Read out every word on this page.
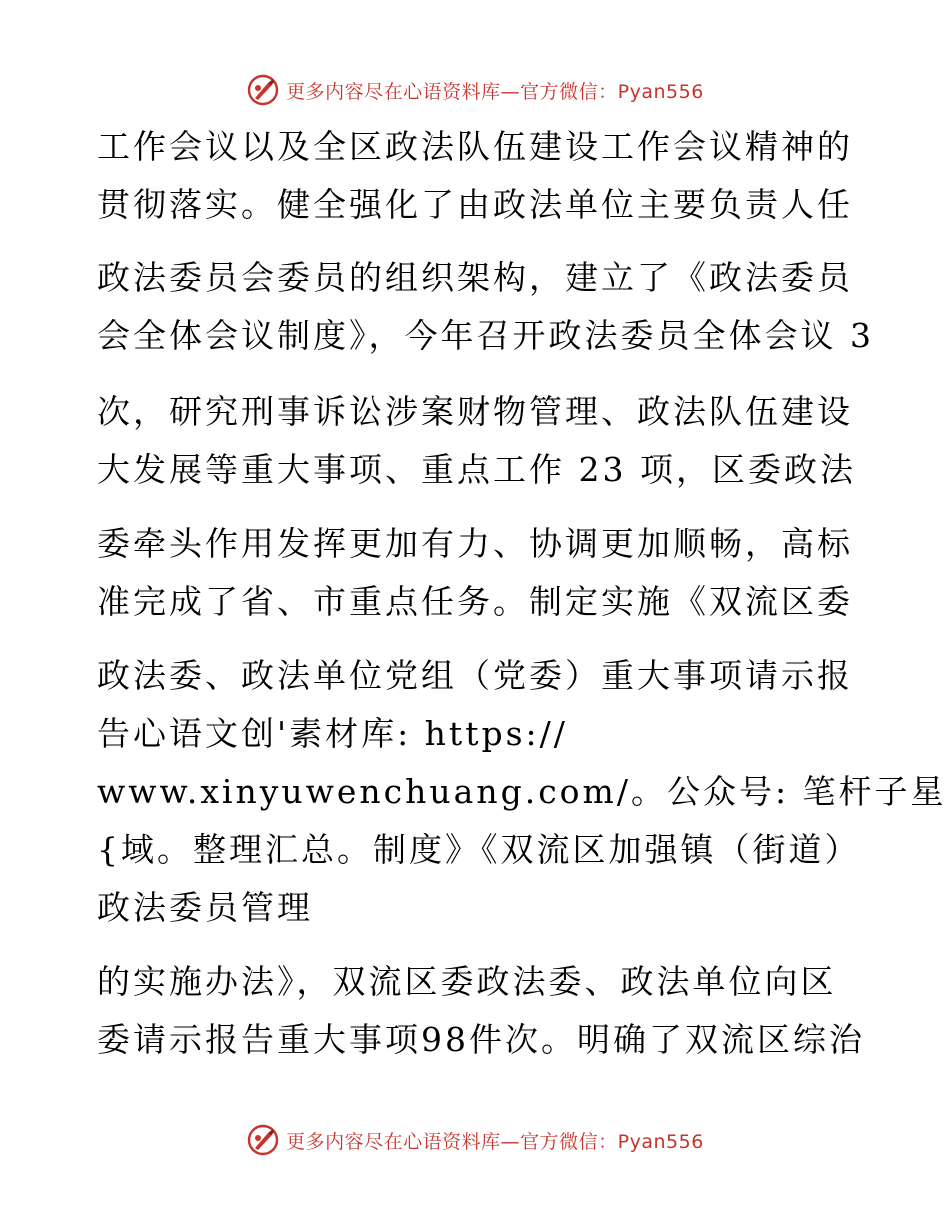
更多内容尽在心语资料库—官方微信：Pyan556
工作会议以及全区政法队伍建设工作会议精神的
贯彻落实。健全强化了由政法单位主要负责人任
政法委员会委员的组织架构，建立了《政法委员
会全体会议制度》，今年召开政法委员全体会议 3
次，研究刑事诉讼涉案财物管理、政法队伍建设
大发展等重大事项、重点工作 23 项，区委政法
委牵头作用发挥更加有力、协调更加顺畅，高标
准完成了省、市重点任务。制定实施《双流区委
政法委、政法单位党组（党委）重大事项请示报
告心语文创'素材库: https://
www.xinyuwenchuang.com/。公众号: 笔杆子星
{域。整理汇总。制度》《双流区加强镇（街道）
政法委员管理
的实施办法》，双流区委政法委、政法单位向区
委请示报告重大事项98件次。明确了双流区综治
更多内容尽在心语资料库—官方微信：Pyan556
